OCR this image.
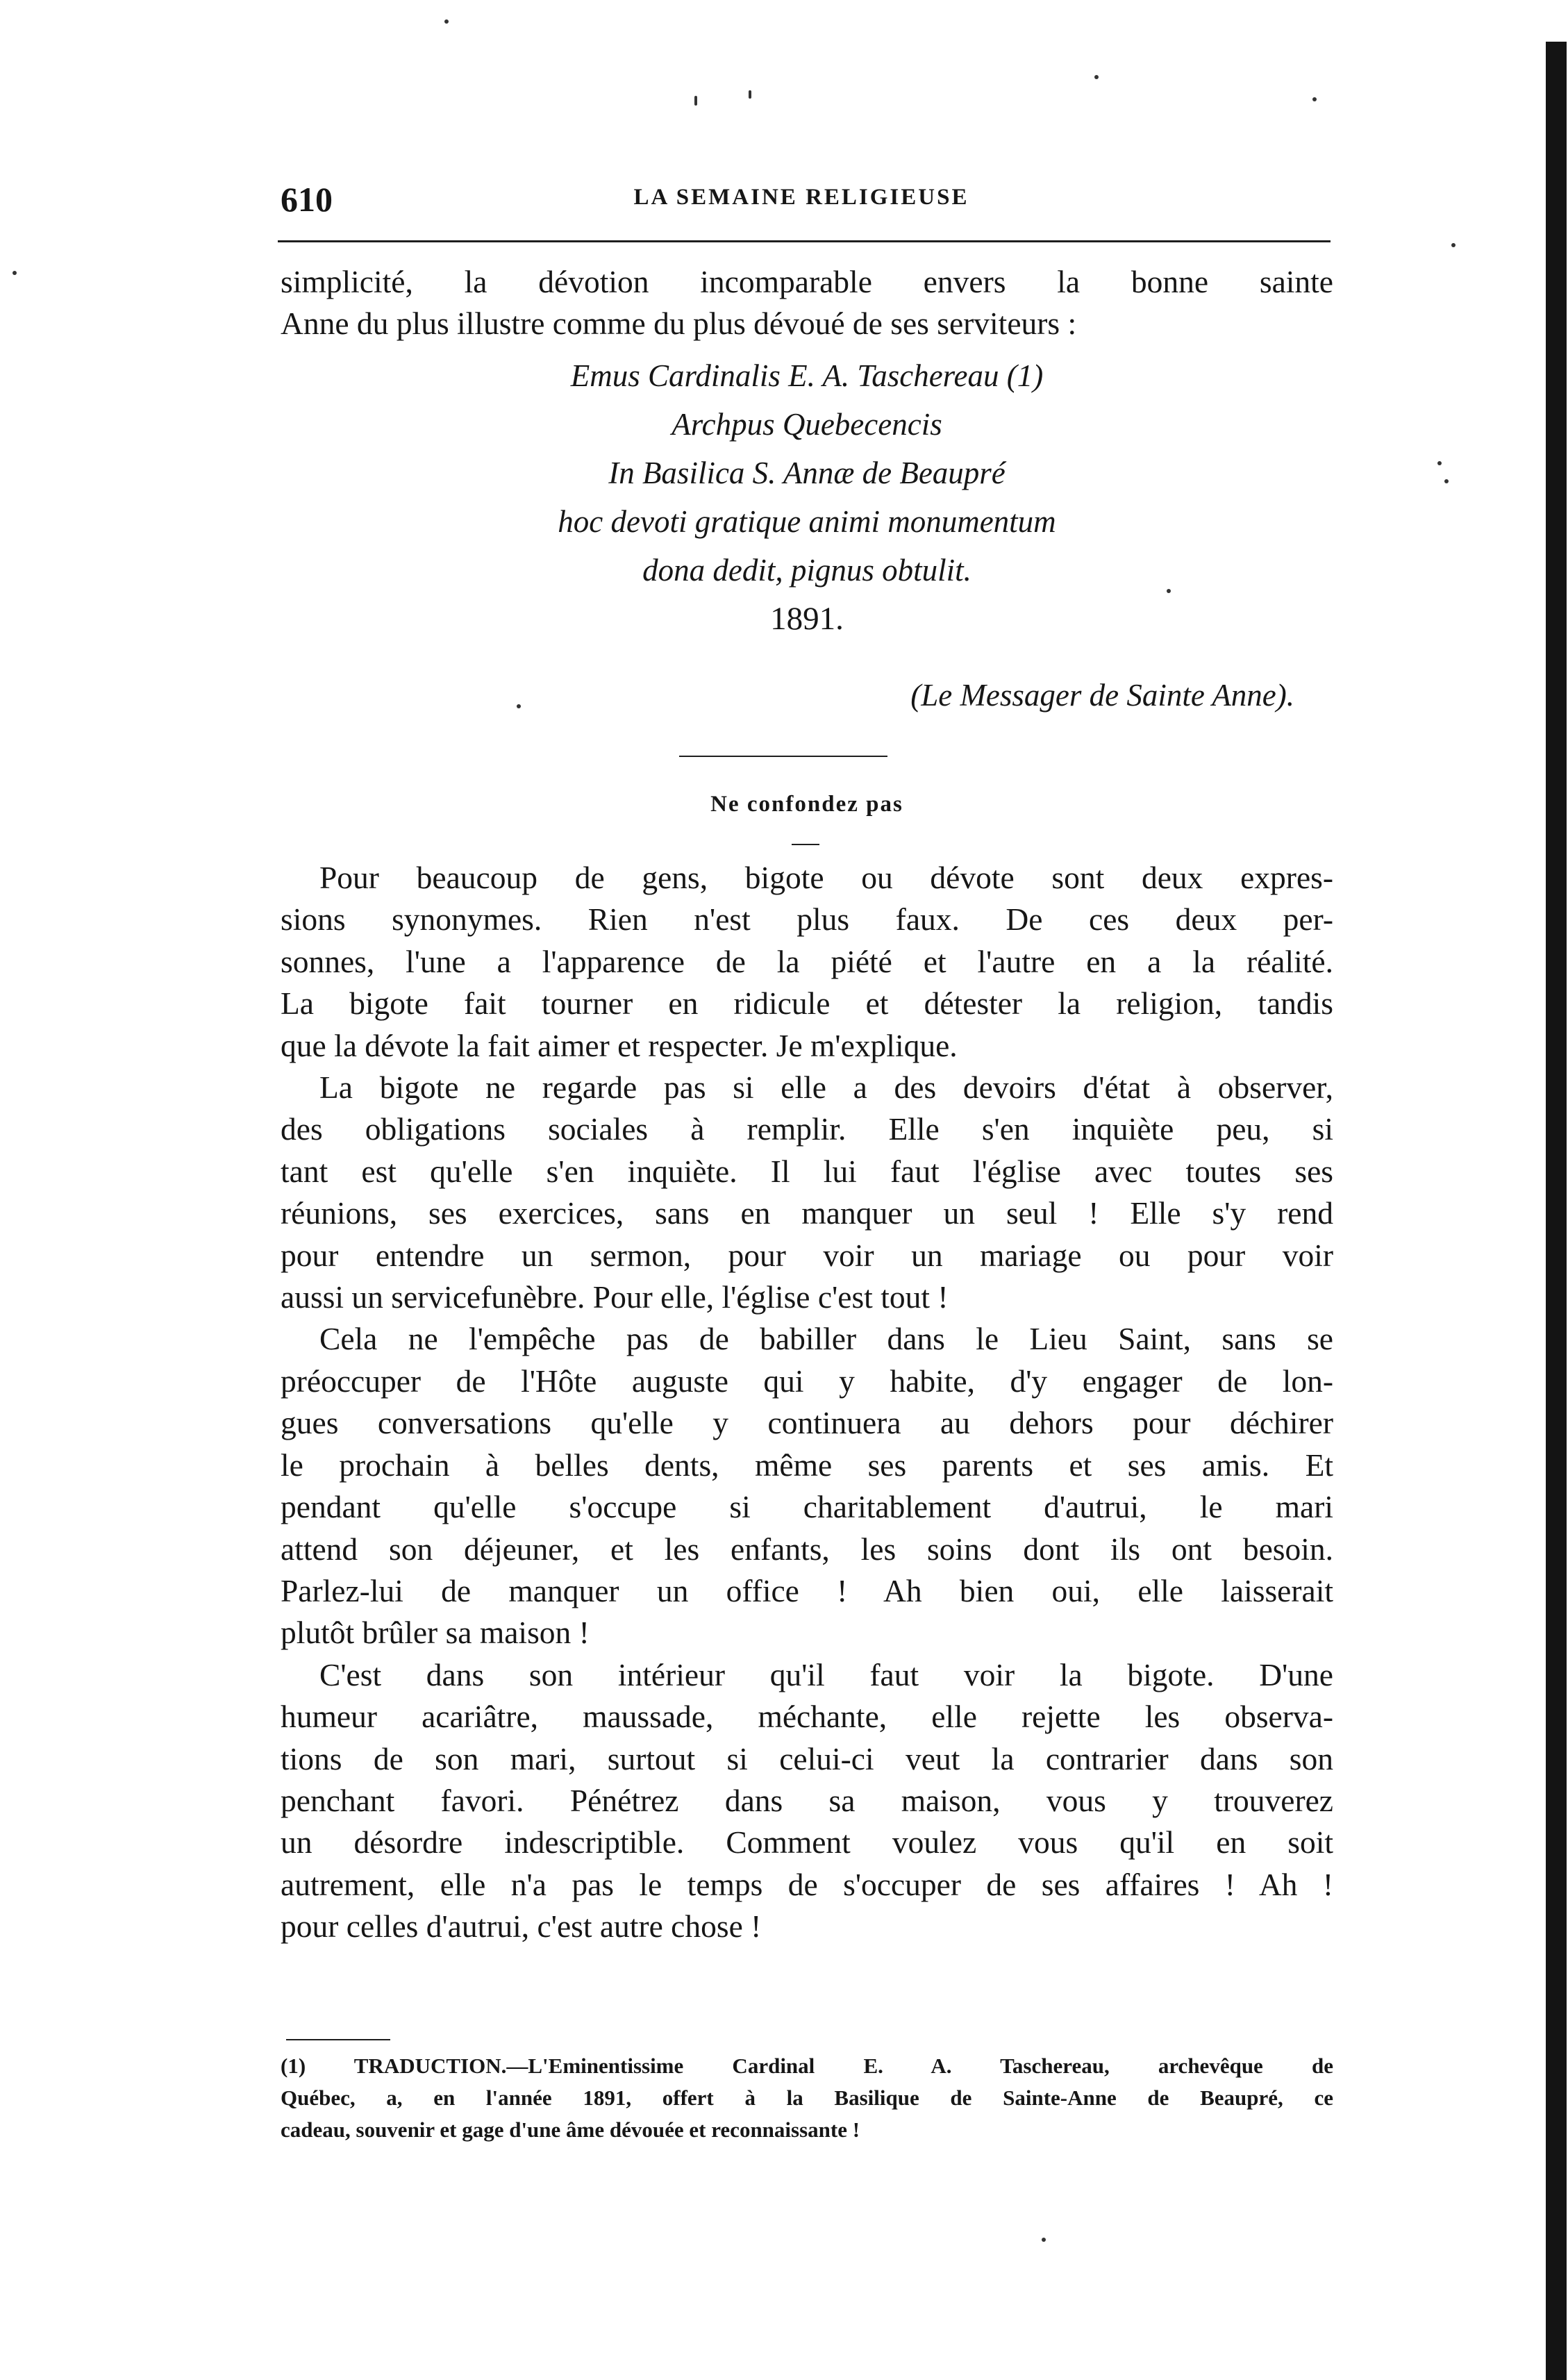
610	LA SEMAINE RELIGIEUSE

simplicité, la dévotion incomparable envers la bonne sainte

Anne du plus illustre comme du plus dévoué de ses serviteurs :

Emus Cardinalis E. A. Taschereau (1)

Archpus Quebecencis

In Basilica S. Annæ de Beaupré

hoc devoti gratique animi monumentum

dona dedit, pignus obtulit.

1891.

(Le Messager de Sainte Anne).
Ne confondez pas

Pour beaucoup de gens, bigote ou dévote sont deux expres-

sions synonymes. Rien n'est plus faux. De ces deux per-

sonnes, l'une a l'apparence de la piété et l'autre en a la réalité.

La bigote fait tourner en ridicule et détester la religion, tandis

que la dévote la fait aimer et respecter. Je m'explique.

La bigote ne regarde pas si elle a des devoirs d'état à observer,

des obligations sociales à remplir. Elle s'en inquiète peu, si

tant est qu'elle s'en inquiète. Il lui faut l'église avec toutes ses

réunions, ses exercices, sans en manquer un seul ! Elle s'y rend

pour entendre un sermon, pour voir un mariage ou pour voir

aussi un servicefunèbre. Pour elle, l'église c'est tout !

Cela ne l'empêche pas de babiller dans le Lieu Saint, sans se

préoccuper de l'Hôte auguste qui y habite, d'y engager de lon-

gues conversations qu'elle y continuera au dehors pour déchirer

le prochain à belles dents, même ses parents et ses amis. Et

pendant qu'elle s'occupe si charitablement d'autrui, le mari

attend son déjeuner, et les enfants, les soins dont ils ont besoin.

Parlez-lui de manquer un office ! Ah bien oui, elle laisserait

plutôt brûler sa maison !

C'est dans son intérieur qu'il faut voir la bigote. D'une

humeur acariâtre, maussade, méchante, elle rejette les observa-

tions de son mari, surtout si celui-ci veut la contrarier dans son

penchant favori. Pénétrez dans sa maison, vous y trouverez

un désordre indescriptible. Comment voulez vous qu'il en soit

autrement, elle n'a pas le temps de s'occuper de ses affaires ! Ah !

pour celles d'autrui, c'est autre chose !

(1) TRADUCTION.—L'Eminentissime Cardinal E. A. Taschereau, archevêque de

Québec, a, en l'année 1891, offert à la Basilique de Sainte-Anne de Beaupré, ce

cadeau, souvenir et gage d'une âme dévouée et reconnaissante !
